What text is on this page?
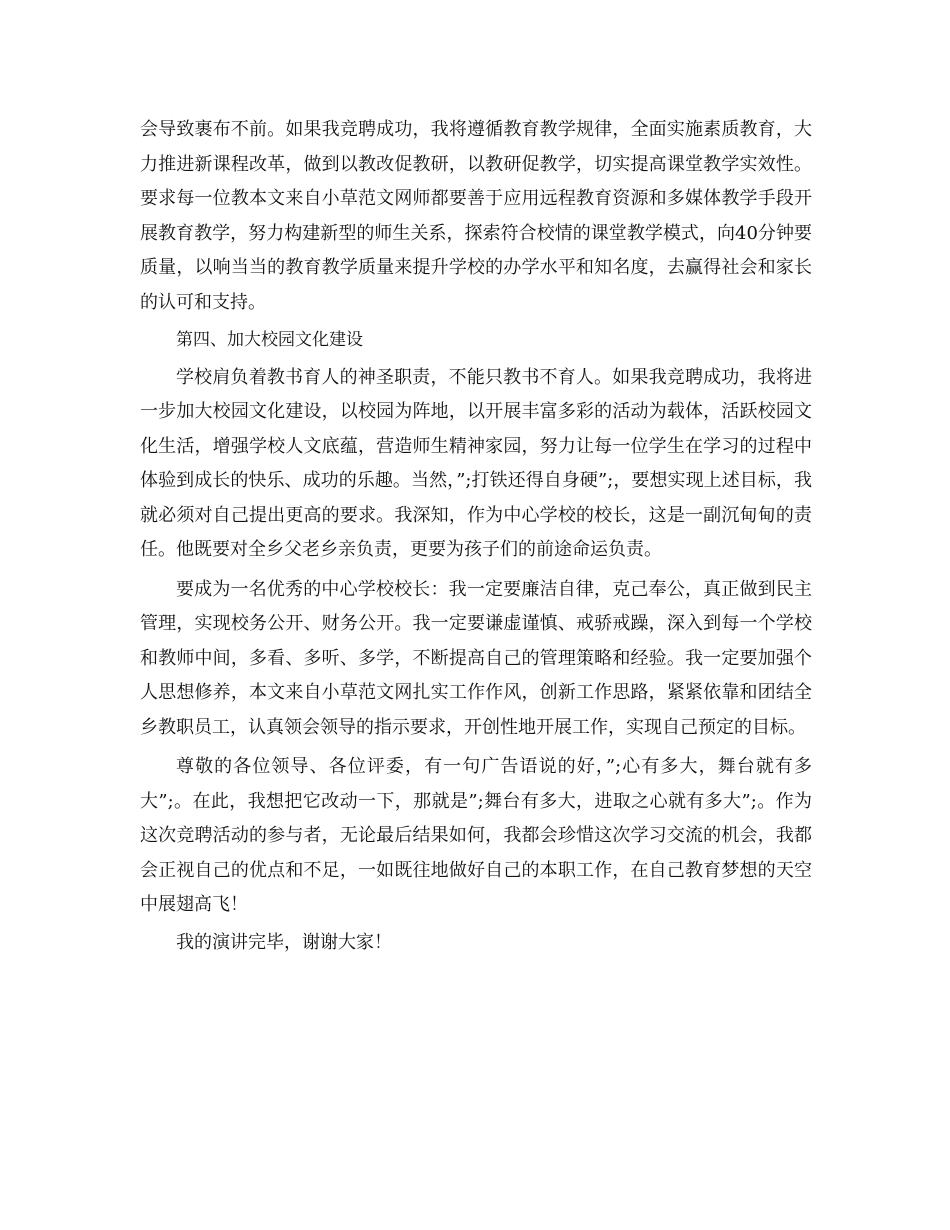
会导致裹布不前。如果我竞聘成功，我将遵循教育教学规律，全面实施素质教育，大力推进新课程改革，做到以教改促教研，以教研促教学，切实提高课堂教学实效性。要求每一位教本文来自小草范文网师都要善于应用远程教育资源和多媒体教学手段开展教育教学，努力构建新型的师生关系，探索符合校情的课堂教学模式，向40分钟要质量，以响当当的教育教学质量来提升学校的办学水平和知名度，去赢得社会和家长的认可和支持。

第四、加大校园文化建设

学校肩负着教书育人的神圣职责，不能只教书不育人。如果我竞聘成功，我将进一步加大校园文化建设，以校园为阵地，以开展丰富多彩的活动为载体，活跃校园文化生活，增强学校人文底蕴，营造师生精神家园，努力让每一位学生在学习的过程中体验到成长的快乐、成功的乐趣。当然，”;打铁还得自身硬”;，要想实现上述目标，我就必须对自己提出更高的要求。我深知，作为中心学校的校长，这是一副沉甸甸的责任。他既要对全乡父老乡亲负责，更要为孩子们的前途命运负责。

要成为一名优秀的中心学校校长：我一定要廉洁自律，克己奉公，真正做到民主管理，实现校务公开、财务公开。我一定要谦虚谨慎、戒骄戒躁，深入到每一个学校和教师中间，多看、多听、多学，不断提高自己的管理策略和经验。我一定要加强个人思想修养，本文来自小草范文网扎实工作作风，创新工作思路，紧紧依靠和团结全乡教职员工，认真领会领导的指示要求，开创性地开展工作，实现自己预定的目标。

尊敬的各位领导、各位评委，有一句广告语说的好，”;心有多大，舞台就有多大”;。在此，我想把它改动一下，那就是”;舞台有多大，进取之心就有多大”;。作为这次竞聘活动的参与者，无论最后结果如何，我都会珍惜这次学习交流的机会，我都会正视自己的优点和不足，一如既往地做好自己的本职工作，在自己教育梦想的天空中展翅高飞！

我的演讲完毕，谢谢大家！
